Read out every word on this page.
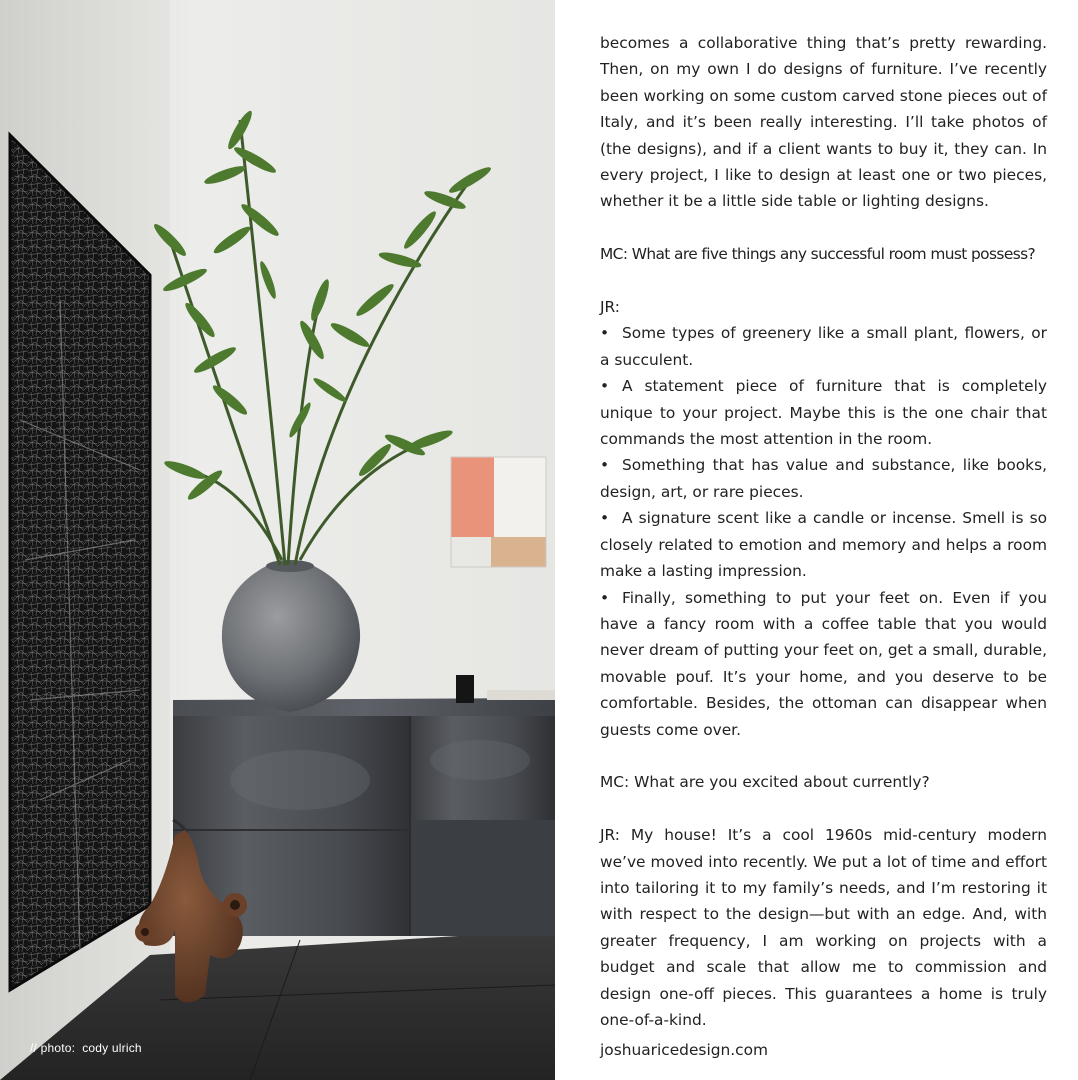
// photo:  cody ulrich

becomes a collaborative thing that’s pretty rewarding. Then, on my own I do designs of furniture. I’ve recently been working on some custom carved stone pieces out of Italy, and it’s been really interesting. I’ll take photos of (the designs), and if a client wants to buy it, they can. In every project, I like to design at least one or two pieces, whether it be a little side table or lighting designs.

MC: What are five things any successful room must possess?

JR:

• Some types of greenery like a small plant, flowers, or a succulent.
• A statement piece of furniture that is completely unique to your project. Maybe this is the one chair that commands the most attention in the room.
• Something that has value and substance, like books, design, art, or rare pieces.
• A signature scent like a candle or incense. Smell is so closely related to emotion and memory and helps a room make a lasting impression.
• Finally, something to put your feet on. Even if you have a fancy room with a coffee table that you would never dream of putting your feet on, get a small, durable, movable pouf. It’s your home, and you deserve to be comfortable. Besides, the ottoman can disappear when guests come over.

MC: What are you excited about currently?

JR: My house! It’s a cool 1960s mid-century modern we’ve moved into recently. We put a lot of time and effort into tailoring it to my family’s needs, and I’m restoring it with respect to the design—but with an edge. And, with greater frequency, I am working on projects with a budget and scale that allow me to commission and design one-off pieces. This guarantees a home is truly one-of-a-kind.

joshuaricedesign.com
